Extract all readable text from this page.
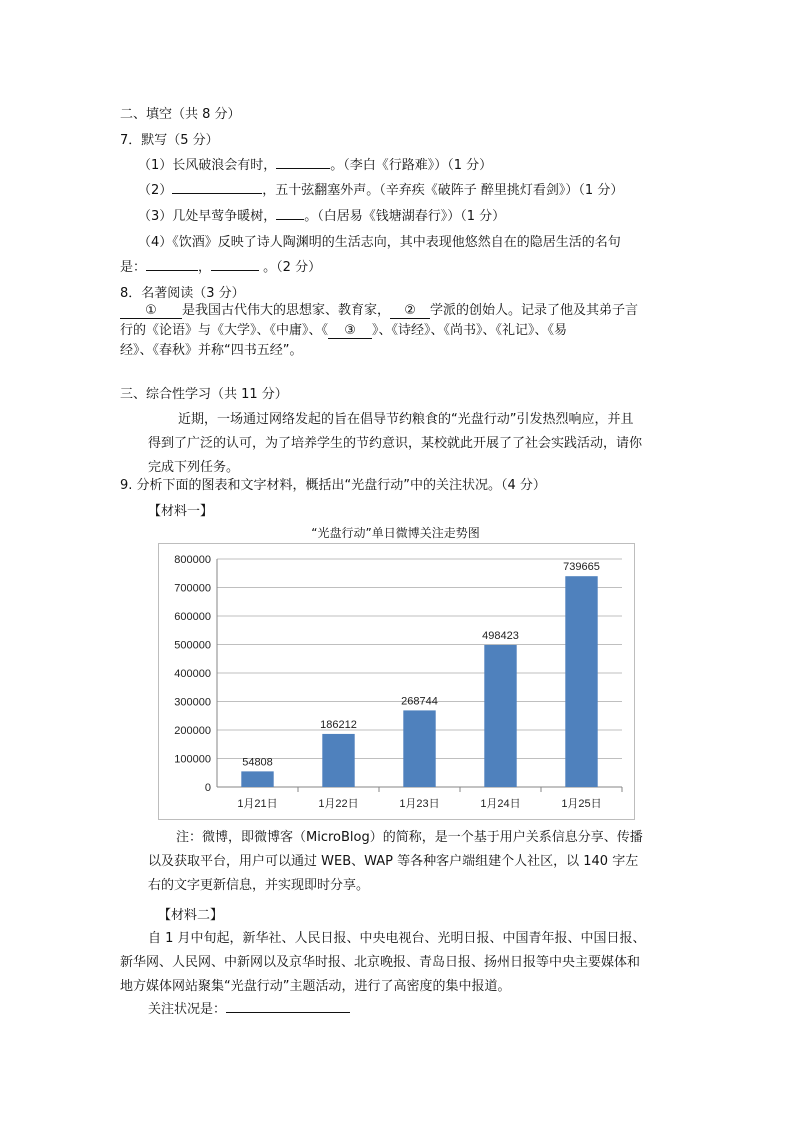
二、填空（共 8 分）
7．默写（5 分）
（1）长风破浪会有时，	。（李白《行路难》）（1 分）
（2）	，五十弦翻塞外声。（辛弃疾《破阵子 醉里挑灯看剑》）（1 分）
（3）几处早莺争暖树， 。（白居易《钱塘湖春行》）（1 分）
（4）《饮酒》反映了诗人陶渊明的生活志向，其中表现他悠然自在的隐居生活的名句
是：	，	。（2 分）
8．名著阅读（3 分）
① 是我国古代伟大的思想家、教育家， ② 学派的创始人。记录了他及其弟子言
行的《论语》与《大学》、《中庸》、《 ③ 》、《诗经》、《尚书》、《礼记》、《易
经》、《春秋》并称“四书五经”。
三、综合性学习（共 11 分）
近期，一场通过网络发起的旨在倡导节约粮食的“光盘行动”引发热烈响应，并且
得到了广泛的认可，为了培养学生的节约意识，某校就此开展了了社会实践活动，请你
完成下列任务。
9. 分析下面的图表和文字材料，概括出“光盘行动”中的关注状况。（4 分）
【材料一】
“光盘行动”单日微博关注走势图
0
100000
200000
300000
400000
500000
600000
700000
800000
54808
1月21日
186212
1月22日
268744
1月23日
498423
1月24日
739665
1月25日
注：微博，即微博客（MicroBlog）的简称，是一个基于用户关系信息分享、传播
以及获取平台，用户可以通过 WEB、WAP 等各种客户端组建个人社区，以 140 字左
右的文字更新信息，并实现即时分享。
【材料二】
自 1 月中旬起，新华社、人民日报、中央电视台、光明日报、中国青年报、中国日报、
新华网、人民网、中新网以及京华时报、北京晚报、青岛日报、扬州日报等中央主要媒体和
地方媒体网站聚集“光盘行动”主题活动，进行了高密度的集中报道。
关注状况是：
